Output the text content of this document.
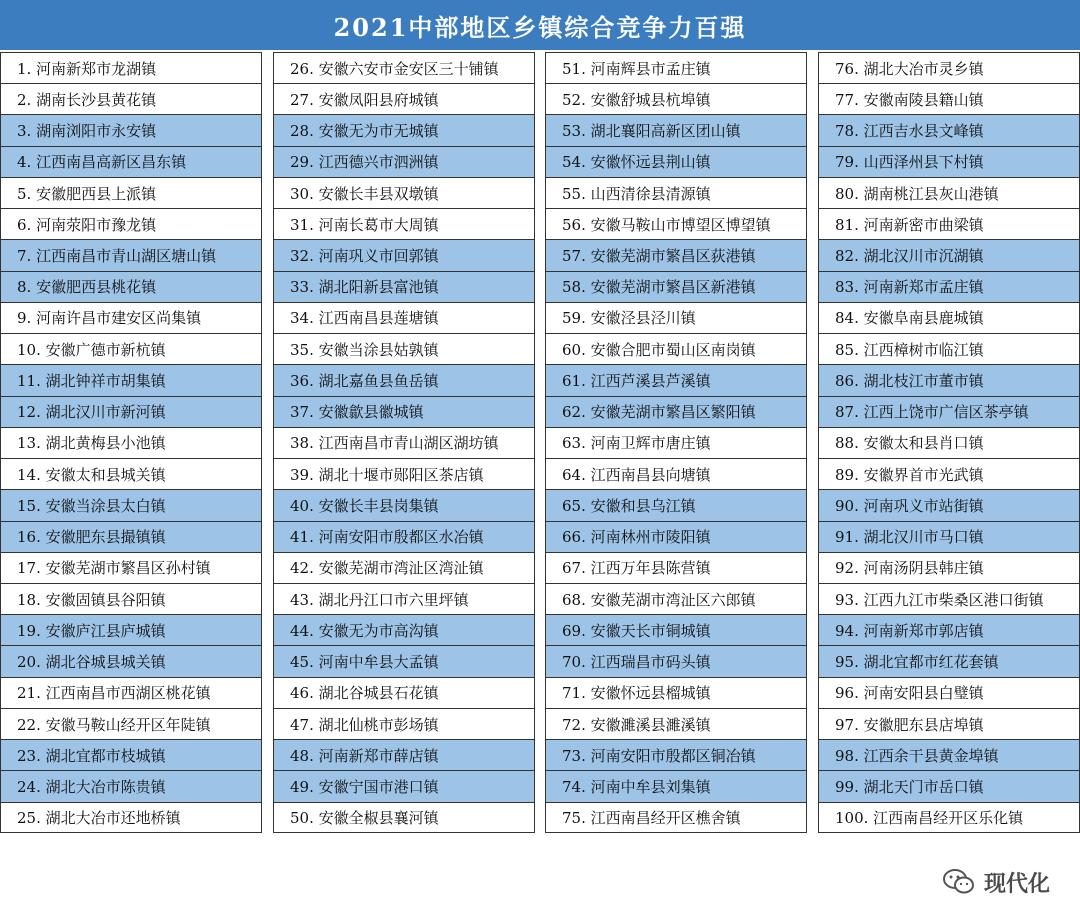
2021中部地区乡镇综合竞争力百强
1. 河南新郑市龙湖镇
2. 湖南长沙县黄花镇
3. 湖南浏阳市永安镇
4. 江西南昌高新区昌东镇
5. 安徽肥西县上派镇
6. 河南荥阳市豫龙镇
7. 江西南昌市青山湖区塘山镇
8. 安徽肥西县桃花镇
9. 河南许昌市建安区尚集镇
10. 安徽广德市新杭镇
11. 湖北钟祥市胡集镇
12. 湖北汉川市新河镇
13. 湖北黄梅县小池镇
14. 安徽太和县城关镇
15. 安徽当涂县太白镇
16. 安徽肥东县撮镇镇
17. 安徽芜湖市繁昌区孙村镇
18. 安徽固镇县谷阳镇
19. 安徽庐江县庐城镇
20. 湖北谷城县城关镇
21. 江西南昌市西湖区桃花镇
22. 安徽马鞍山经开区年陡镇
23. 湖北宜都市枝城镇
24. 湖北大冶市陈贵镇
25. 湖北大冶市还地桥镇
26. 安徽六安市金安区三十铺镇
27. 安徽凤阳县府城镇
28. 安徽无为市无城镇
29. 江西德兴市泗洲镇
30. 安徽长丰县双墩镇
31. 河南长葛市大周镇
32. 河南巩义市回郭镇
33. 湖北阳新县富池镇
34. 江西南昌县莲塘镇
35. 安徽当涂县姑孰镇
36. 湖北嘉鱼县鱼岳镇
37. 安徽歙县徽城镇
38. 江西南昌市青山湖区湖坊镇
39. 湖北十堰市郧阳区茶店镇
40. 安徽长丰县岗集镇
41. 河南安阳市殷都区水冶镇
42. 安徽芜湖市湾沚区湾沚镇
43. 湖北丹江口市六里坪镇
44. 安徽无为市高沟镇
45. 河南中牟县大孟镇
46. 湖北谷城县石花镇
47. 湖北仙桃市彭场镇
48. 河南新郑市薛店镇
49. 安徽宁国市港口镇
50. 安徽全椒县襄河镇
51. 河南辉县市孟庄镇
52. 安徽舒城县杭埠镇
53. 湖北襄阳高新区团山镇
54. 安徽怀远县荆山镇
55. 山西清徐县清源镇
56. 安徽马鞍山市博望区博望镇
57. 安徽芜湖市繁昌区荻港镇
58. 安徽芜湖市繁昌区新港镇
59. 安徽泾县泾川镇
60. 安徽合肥市蜀山区南岗镇
61. 江西芦溪县芦溪镇
62. 安徽芜湖市繁昌区繁阳镇
63. 河南卫辉市唐庄镇
64. 江西南昌县向塘镇
65. 安徽和县乌江镇
66. 河南林州市陵阳镇
67. 江西万年县陈营镇
68. 安徽芜湖市湾沚区六郎镇
69. 安徽天长市铜城镇
70. 江西瑞昌市码头镇
71. 安徽怀远县榴城镇
72. 安徽濉溪县濉溪镇
73. 河南安阳市殷都区铜冶镇
74. 河南中牟县刘集镇
75. 江西南昌经开区樵舍镇
76. 湖北大冶市灵乡镇
77. 安徽南陵县籍山镇
78. 江西吉水县文峰镇
79. 山西泽州县下村镇
80. 湖南桃江县灰山港镇
81. 河南新密市曲梁镇
82. 湖北汉川市沉湖镇
83. 河南新郑市孟庄镇
84. 安徽阜南县鹿城镇
85. 江西樟树市临江镇
86. 湖北枝江市董市镇
87. 江西上饶市广信区茶亭镇
88. 安徽太和县肖口镇
89. 安徽界首市光武镇
90. 河南巩义市站街镇
91. 湖北汉川市马口镇
92. 河南汤阴县韩庄镇
93. 江西九江市柴桑区港口街镇
94. 河南新郑市郭店镇
95. 湖北宜都市红花套镇
96. 河南安阳县白璧镇
97. 安徽肥东县店埠镇
98. 江西余干县黄金埠镇
99. 湖北天门市岳口镇
100. 江西南昌经开区乐化镇
现代化
